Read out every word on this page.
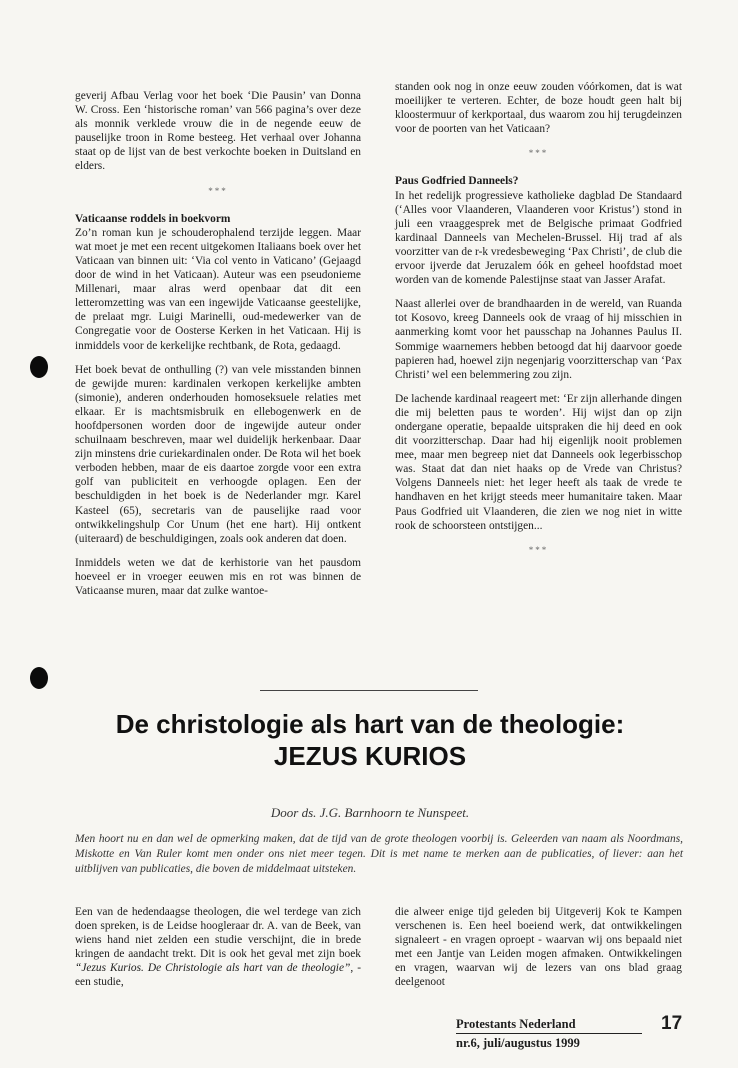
geverij Afbau Verlag voor het boek ‘Die Pausin’ van Donna W. Cross. Een ‘historische roman’ van 566 pagina’s over deze als monnik verklede vrouw die in de negende eeuw de pauselijke troon in Rome besteeg. Het verhaal over Johanna staat op de lijst van de best verkochte boeken in Duitsland en elders.

***
Vaticaanse roddels in boekvorm

Zo’n roman kun je schouderophalend terzijde leggen. Maar wat moet je met een recent uitgekomen Italiaans boek over het Vaticaan van binnen uit: ‘Via col vento in Vaticano’ (Gejaagd door de wind in het Vaticaan). Auteur was een pseudoniemе Millenari, maar alras werd openbaar dat dit een letteromzetting was van een ingewijde Vaticaanse geestelijke, de prelaat mgr. Luigi Marinelli, oud-medewerker van de Congregatie voor de Oosterse Kerken in het Vaticaan. Hij is inmiddels voor de kerkelijke rechtbank, de Rota, gedaagd.

Het boek bevat de onthulling (?) van vele misstanden binnen de gewijde muren: kardinalen verkopen kerkelijke ambten (simonie), anderen onderhouden homoseksuele relaties met elkaar. Er is machtsmisbruik en ellebogenwerk en de hoofdpersonen worden door de ingewijde auteur onder schuilnaam beschreven, maar wel duidelijk herkenbaar. Daar zijn minstens drie curiekardinalen onder. De Rota wil het boek verboden hebben, maar de eis daartoe zorgde voor een extra golf van publiciteit en verhoogde oplagen. Een der beschuldigden in het boek is de Nederlander mgr. Karel Kasteel (65), secretaris van de pauselijke raad voor ontwikkelingshulp Cor Unum (het ene hart). Hij ontkent (uiteraard) de beschuldigingen, zoals ook anderen dat doen.

Inmiddels weten we dat de kerhistorie van het pausdom hoeveel er in vroeger eeuwen mis en rot was binnen de Vaticaanse muren, maar dat zulke wantoe-

standen ook nog in onze eeuw zouden vóórkomen, dat is wat moeilijker te verteren. Echter, de boze houdt geen halt bij kloostermuur of kerkportaal, dus waarom zou hij terugdeinzen voor de poorten van het Vaticaan?

***
Paus Godfried Danneels?

In het redelijk progressieve katholieke dagblad De Standaard (‘Alles voor Vlaanderen, Vlaanderen voor Kristus’) stond in juli een vraaggesprek met de Belgische primaat Godfried kardinaal Danneels van Mechelen-Brussel. Hij trad af als voorzitter van de r-k vredesbeweging ‘Pax Christi’, de club die ervoor ijverde dat Jeruzalem óók en geheel hoofdstad moet worden van de komende Palestijnse staat van Jasser Arafat.

Naast allerlei over de brandhaarden in de wereld, van Ruanda tot Kosovo, kreeg Danneels ook de vraag of hij misschien in aanmerking komt voor het pausschap na Johannes Paulus II. Sommige waarnemers hebben betoogd dat hij daarvoor goede papieren had, hoewel zijn negenjarig voorzitterschap van ‘Pax Christi’ wel een belemmering zou zijn.

De lachende kardinaal reageert met: ‘Er zijn allerhande dingen die mij beletten paus te worden’. Hij wijst dan op zijn ondergane operatie, bepaalde uitspraken die hij deed en ook dit voorzitterschap. Daar had hij eigenlijk nooit problemen mee, maar men begreep niet dat Danneels ook legerbisschop was. Staat dat dan niet haaks op de Vrede van Christus? Volgens Danneels niet: het leger heeft als taak de vrede te handhaven en het krijgt steeds meer humanitaire taken. Maar Paus Godfried uit Vlaanderen, die zien we nog niet in witte rook de schoorsteen ontstijgen...

***
De christologie als hart van de theologie:
JEZUS KURIOS
Door ds. J.G. Barnhoorn te Nunspeet.

Men hoort nu en dan wel de opmerking maken, dat de tijd van de grote theologen voorbij is. Geleerden van naam als Noordmans, Miskotte en Van Ruler komt men onder ons niet meer tegen. Dit is met name te merken aan de publicaties, of liever: aan het uitblijven van publicaties, die boven de middelmaat uitsteken.

Een van de hedendaagse theologen, die wel terdege van zich doen spreken, is de Leidse hoogleraar dr. A. van de Beek, van wiens hand niet zelden een studie verschijnt, die in brede kringen de aandacht trekt. Dit is ook het geval met zijn boek “Jezus Kurios. De Christologie als hart van de theologie”, - een studie,

die alweer enige tijd geleden bij Uitgeverij Kok te Kampen verschenen is. Een heel boeiend werk, dat ontwikkelingen signaleert - en vragen oproept - waarvan wij ons bepaald niet met een Jantje van Leiden mogen afmaken. Ontwikkelingen en vragen, waarvan wij de lezers van ons blad graag deelgenoot

Protestants Nederland
nr.6, juli/augustus 1999
17
